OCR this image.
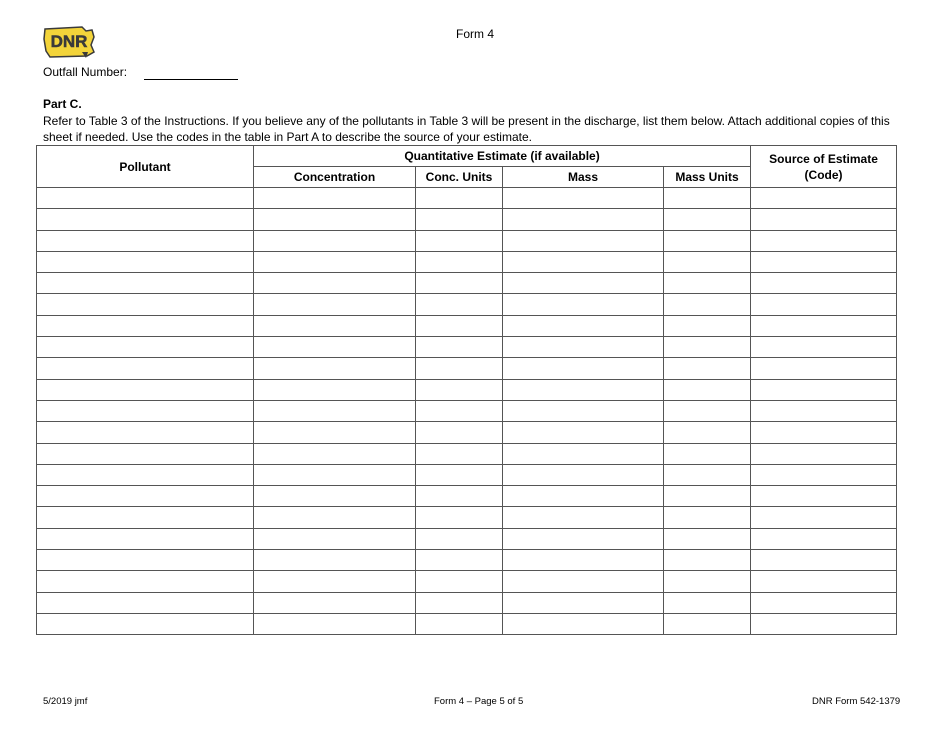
DNR	Form 4
Outfall Number:
Part C.
Refer to Table 3 of the Instructions. If you believe any of the pollutants in Table 3 will be present in the discharge, list them below. Attach additional copies of this sheet if needed. Use the codes in the table in Part A to describe the source of your estimate.
Pollutant	Quantitative Estimate (if available)				Source of Estimate (Code)
	Concentration	Conc. Units	Mass	Mass Units	

5/2019 jmf	Form 4 – Page 5 of 5	DNR Form 542-1379
